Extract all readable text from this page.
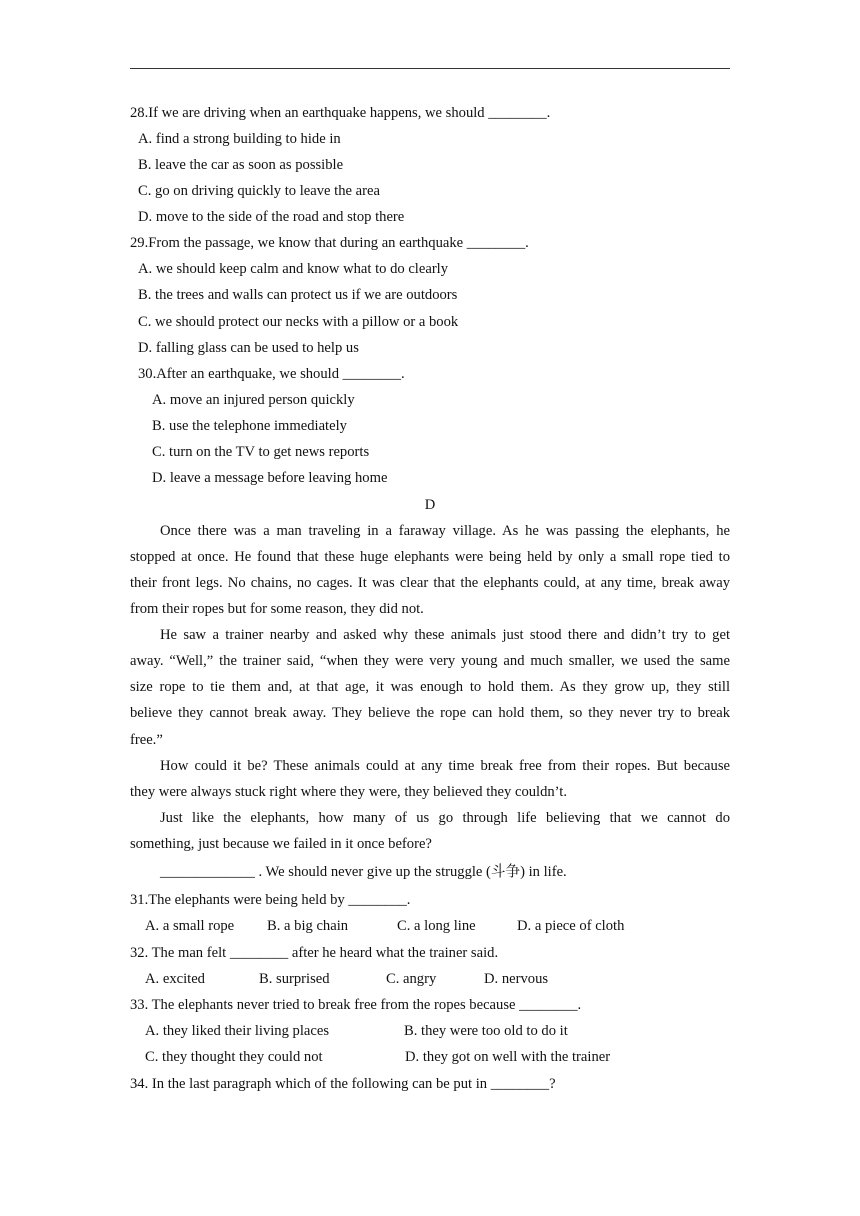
28.If we are driving when an earthquake happens, we should ________.
A. find a strong building to hide in
B. leave the car as soon as possible
C. go on driving quickly to leave the area
D. move to the side of the road and stop there
29.From the passage, we know that during an earthquake ________.
A. we should keep calm and know what to do clearly
B. the trees and walls can protect us if we are outdoors
C. we should protect our necks with a pillow or a book
D. falling glass can be used to help us
30.After an earthquake, we should ________.
A. move an injured person quickly
B. use the telephone immediately
C. turn on the TV to get news reports
D. leave a message before leaving home
D
Once there was a man traveling in a faraway village. As he was passing the elephants, he
stopped at once. He found that these huge elephants were being held by only a small rope tied to
their front legs. No chains, no cages. It was clear that the elephants could, at any time, break away
from their ropes but for some reason, they did not.
He saw a trainer nearby and asked why these animals just stood there and didn’t try to get
away. “Well,” the trainer said, “when they were very young and much smaller, we used the same
size rope to tie them and, at that age, it was enough to hold them. As they grow up, they still
believe they cannot break away. They believe the rope can hold them, so they never try to break
free.”
How could it be? These animals could at any time break free from their ropes. But because
they were always stuck right where they were, they believed they couldn’t.
Just like the elephants, how many of us go through life believing that we cannot do
something, just because we failed in it once before?
_____________ . We should never give up the struggle (斗争) in life.
31.The elephants were being held by ________.
A. a small rope B. a big chain	C. a long line	D. a piece of cloth
32. The man felt ________ after he heard what the trainer said.
A. excited	B. surprised	C. angry	D. nervous
33. The elephants never tried to break free from the ropes because ________.
A. they liked their living places	B. they were too old to do it
C. they thought they could not	D. they got on well with the trainer
34. In the last paragraph which of the following can be put in ________?
